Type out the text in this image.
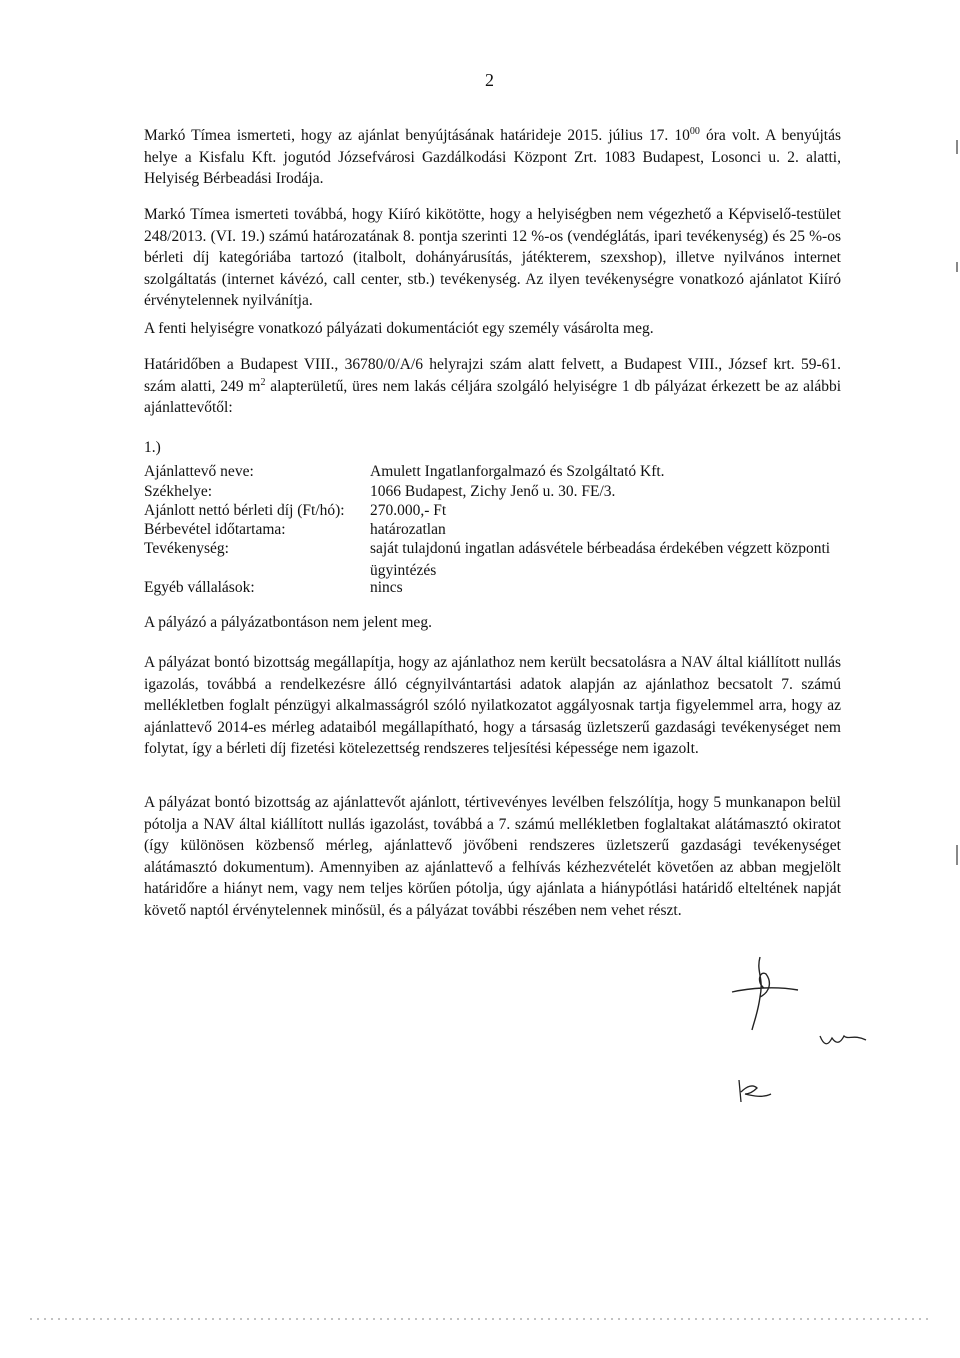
2

Markó Tímea ismerteti, hogy az ajánlat benyújtásának határideje 2015. július 17. $10^{00}$ óra volt. A benyújtás helye a Kisfalu Kft. jogutód Józsefvárosi Gazdálkodási Központ Zrt. 1083 Budapest, Losonci u. 2. alatti, Helyiség Bérbeadási Irodája.

Markó Tímea ismerteti továbbá, hogy Kiíró kikötötte, hogy a helyiségben nem végezhető a Képviselő-testület 248/2013. (VI. 19.) számú határozatának 8. pontja szerinti 12 %-os (vendéglátás, ipari tevékenység) és 25 %-os bérleti díj kategóriába tartozó (italbolt, dohányárusítás, játékterem, szexshop), illetve nyilvános internet szolgáltatás (internet kávézó, call center, stb.) tevékenység. Az ilyen tevékenységre vonatkozó ajánlatot Kiíró érvénytelennek nyilvánítja.

A fenti helyiségre vonatkozó pályázati dokumentációt egy személy vásárolta meg.

Határidőben a Budapest VIII., 36780/0/A/6 helyrajzi szám alatt felvett, a Budapest VIII., József krt. 59-61. szám alatti, 249 $m^2$ alapterületű, üres nem lakás céljára szolgáló helyiségre 1 db pályázat érkezett be az alábbi ajánlattevőtől:

1.)
Ajánlattevő neve:	Amulett Ingatlanforgalmazó és Szolgáltató Kft.
Székhelye:	1066 Budapest, Zichy Jenő u. 30. FE/3.
Ajánlott nettó bérleti díj (Ft/hó): 270.000,- Ft
Bérbevétel időtartama:	határozatlan
Tevékenység:	saját tulajdonú ingatlan adásvétele bérbeadása érdekében végzett központi ügyintézés
Egyéb vállalások:	nincs

A pályázó a pályázatbontáson nem jelent meg.

A pályázat bontó bizottság megállapítja, hogy az ajánlathoz nem került becsatolásra a NAV által kiállított nullás igazolás, továbbá a rendelkezésre álló cégnyilvántartási adatok alapján az ajánlathoz becsatolt 7. számú mellékletben foglalt pénzügyi alkalmasságról szóló nyilatkozatot aggályosnak tartja figyelemmel arra, hogy az ajánlattevő 2014-es mérleg adataiból megállapítható, hogy a társaság üzletszerű gazdasági tevékenységet nem folytat, így a bérleti díj fizetési kötelezettség rendszeres teljesítési képessége nem igazolt.

A pályázat bontó bizottság az ajánlattevőt ajánlott, tértivevényes levélben felszólítja, hogy 5 munkanapon belül pótolja a NAV által kiállított nullás igazolást, továbbá a 7. számú mellékletben foglaltakat alátámasztó okiratot (így különösen közbenső mérleg, ajánlattevő jövőbeni rendszeres üzletszerű gazdasági tevékenységet alátámasztó dokumentum). Amennyiben az ajánlattevő a felhívás kézhezvételét követően az abban megjelölt határidőre a hiányt nem, vagy nem teljes körűen pótolja, úgy ajánlata a hiánypótlási határidő elteltének napját követő naptól érvénytelennek minősül, és a pályázat további részében nem vehet részt.
